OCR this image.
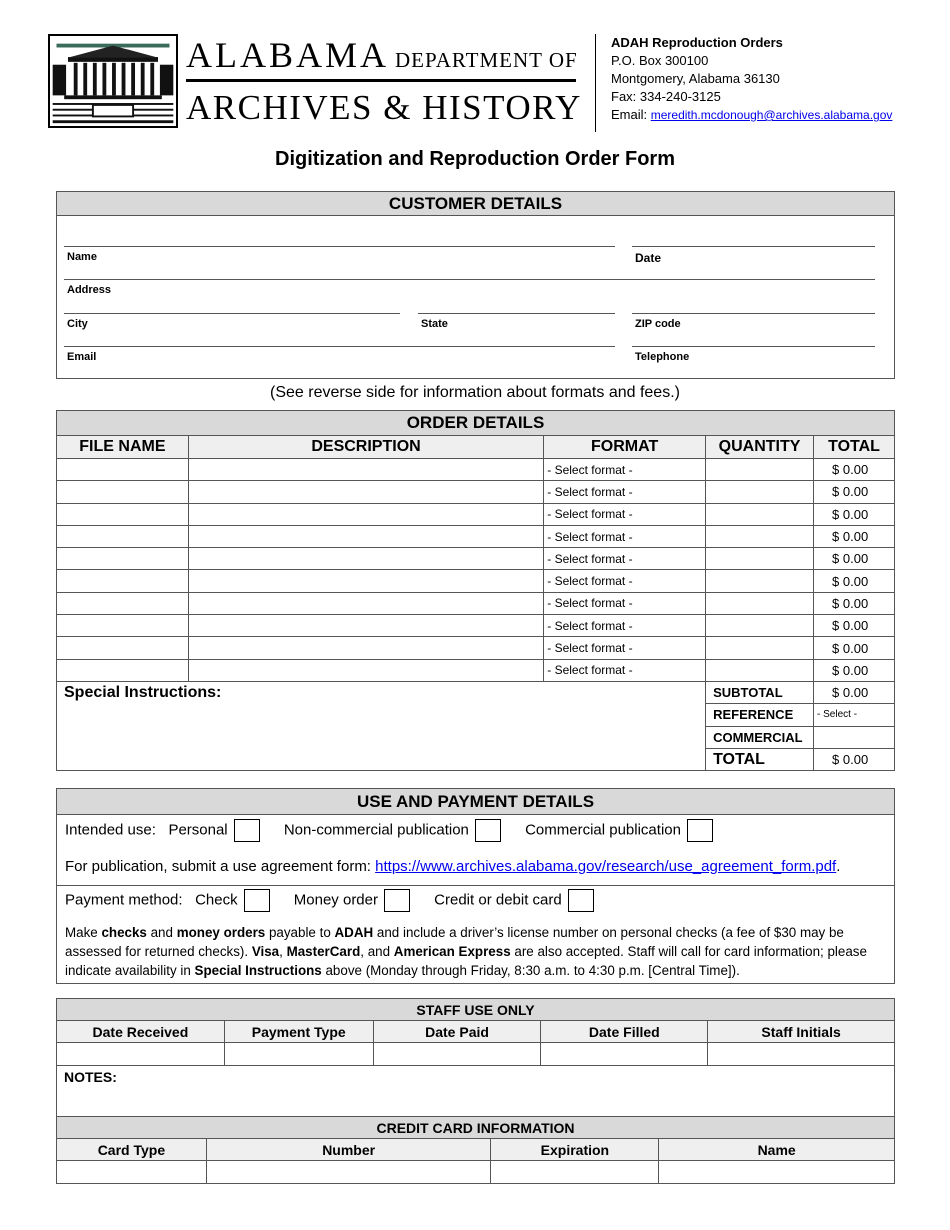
ALABAMA DEPARTMENT OF
ARCHIVES & HISTORY
ADAH Reproduction Orders
P.O. Box 300100
Montgomery, Alabama 36130
Fax: 334-240-3125
Email: meredith.mcdonough@archives.alabama.gov
Digitization and Reproduction Order Form
CUSTOMER DETAILS
Name	Date
Address
City	State	ZIP code
Email	Telephone
(See reverse side for information about formats and fees.)
ORDER DETAILS				
FILE NAME	DESCRIPTION	FORMAT	QUANTITY	TOTAL
		- Select format -		$ 0.00
		- Select format -		$ 0.00
		- Select format -		$ 0.00
		- Select format -		$ 0.00
		- Select format -		$ 0.00
		- Select format -		$ 0.00
		- Select format -		$ 0.00
		- Select format -		$ 0.00
		- Select format -		$ 0.00
		- Select format -		$ 0.00
Special Instructions:			SUBTOTAL	$ 0.00
			REFERENCE	- Select -
			COMMERCIAL	
			TOTAL	$ 0.00
USE AND PAYMENT DETAILS
Intended use: Personal	Non-commercial publication	Commercial publication
For publication, submit a use agreement form: https://www.archives.alabama.gov/research/use_agreement_form.pdf.
Payment method: Check	Money order	Credit or debit card
Make checks and money orders payable to ADAH and include a driver’s license number on personal checks (a fee of $30 may be assessed for returned checks). Visa, MasterCard, and American Express are also accepted. Staff will call for card information; please indicate availability in Special Instructions above (Monday through Friday, 8:30 a.m. to 4:30 p.m. [Central Time]).
STAFF USE ONLY							
Date Received		Payment Type	Date Paid		Date Filled		Staff Initials

NOTES:							
CREDIT CARD INFORMATION							
Card Type	Number			Expiration		Name	
